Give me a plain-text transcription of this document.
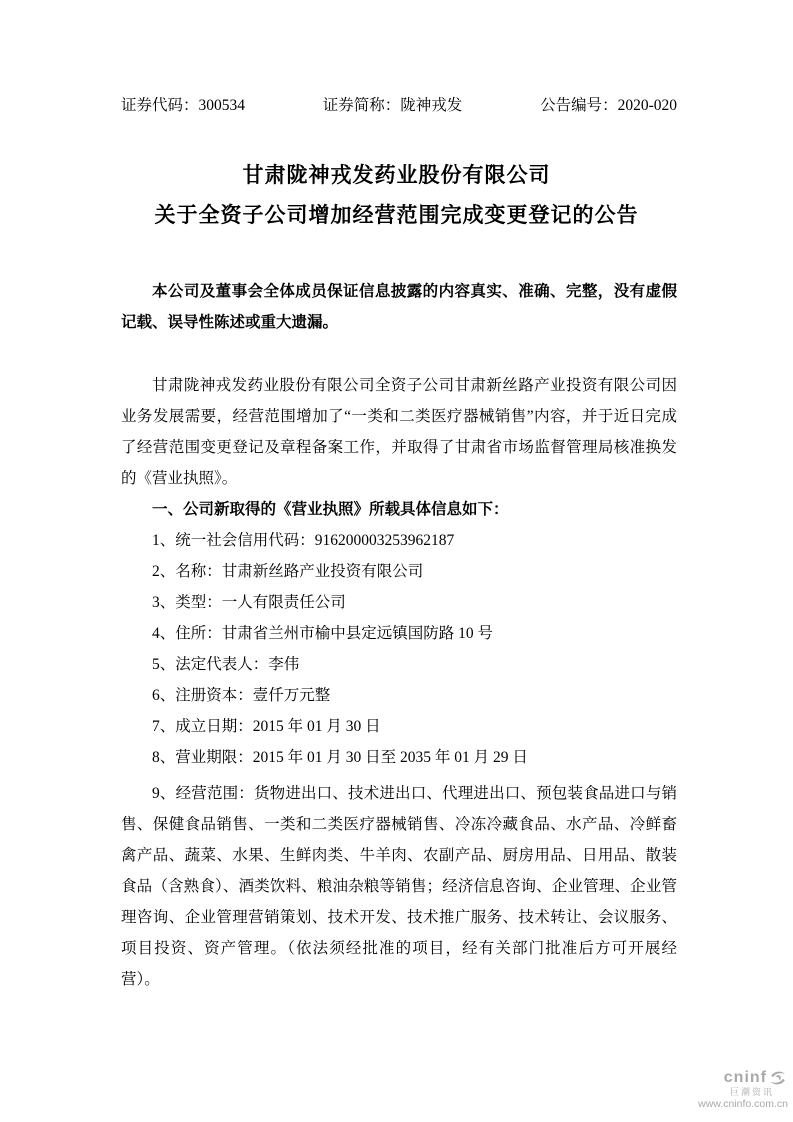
证券代码：300534	证券简称：陇神戎发	公告编号：2020-020
甘肃陇神戎发药业股份有限公司
关于全资子公司增加经营范围完成变更登记的公告
本公司及董事会全体成员保证信息披露的内容真实、准确、完整，没有虚假记载、误导性陈述或重大遗漏。
甘肃陇神戎发药业股份有限公司全资子公司甘肃新丝路产业投资有限公司因业务发展需要，经营范围增加了“一类和二类医疗器械销售”内容，并于近日完成了经营范围变更登记及章程备案工作，并取得了甘肃省市场监督管理局核准换发的《营业执照》。
一、公司新取得的《营业执照》所载具体信息如下：
1、统一社会信用代码：916200003253962187
2、名称：甘肃新丝路产业投资有限公司
3、类型：一人有限责任公司
4、住所：甘肃省兰州市榆中县定远镇国防路 10 号
5、法定代表人：李伟
6、注册资本：壹仟万元整
7、成立日期：2015 年 01 月 30 日
8、营业期限：2015 年 01 月 30 日至 2035 年 01 月 29 日
9、经营范围：货物进出口、技术进出口、代理进出口、预包装食品进口与销售、保健食品销售、一类和二类医疗器械销售、冷冻冷藏食品、水产品、冷鲜畜禽产品、蔬菜、水果、生鲜肉类、牛羊肉、农副产品、厨房用品、日用品、散装食品（含熟食）、酒类饮料、粮油杂粮等销售；经济信息咨询、企业管理、企业管理咨询、企业管理营销策划、技术开发、技术推广服务、技术转让、会议服务、项目投资、资产管理。（依法须经批准的项目，经有关部门批准后方可开展经营）。
cninf
巨潮资讯
www.cninfo.com.cn
